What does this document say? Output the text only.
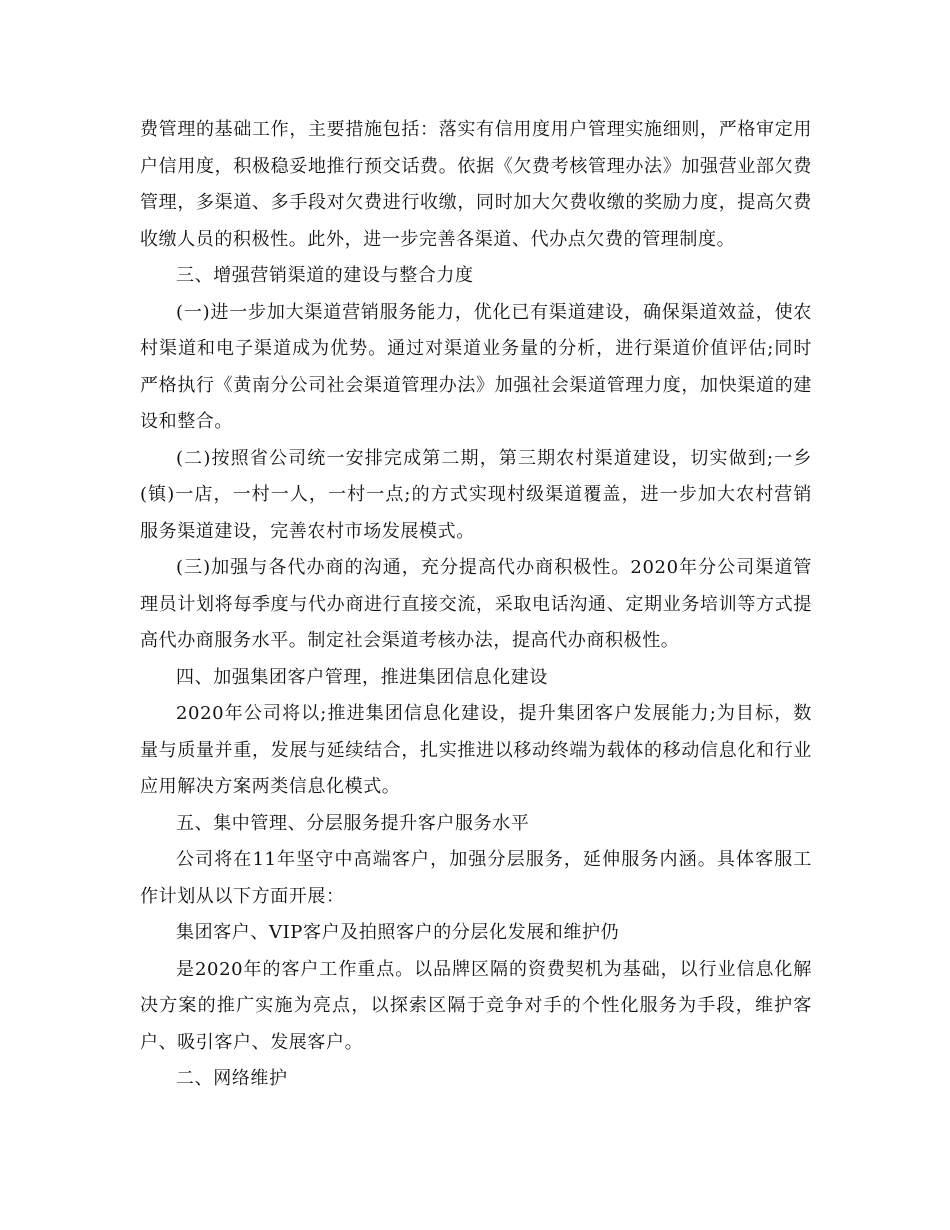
费管理的基础工作，主要措施包括：落实有信用度用户管理实施细则，严格审定用户信用度，积极稳妥地推行预交话费。依据《欠费考核管理办法》加强营业部欠费管理，多渠道、多手段对欠费进行收缴，同时加大欠费收缴的奖励力度，提高欠费收缴人员的积极性。此外，进一步完善各渠道、代办点欠费的管理制度。

三、增强营销渠道的建设与整合力度

(一)进一步加大渠道营销服务能力，优化已有渠道建设，确保渠道效益，使农村渠道和电子渠道成为优势。通过对渠道业务量的分析，进行渠道价值评估;同时严格执行《黄南分公司社会渠道管理办法》加强社会渠道管理力度，加快渠道的建设和整合。

(二)按照省公司统一安排完成第二期，第三期农村渠道建设，切实做到;一乡(镇)一店，一村一人，一村一点;的方式实现村级渠道覆盖，进一步加大农村营销服务渠道建设，完善农村市场发展模式。

(三)加强与各代办商的沟通，充分提高代办商积极性。2020年分公司渠道管理员计划将每季度与代办商进行直接交流，采取电话沟通、定期业务培训等方式提高代办商服务水平。制定社会渠道考核办法，提高代办商积极性。

四、加强集团客户管理，推进集团信息化建设

2020年公司将以;推进集团信息化建设，提升集团客户发展能力;为目标，数量与质量并重，发展与延续结合，扎实推进以移动终端为载体的移动信息化和行业应用解决方案两类信息化模式。

五、集中管理、分层服务提升客户服务水平

公司将在11年坚守中高端客户，加强分层服务，延伸服务内涵。具体客服工作计划从以下方面开展：

集团客户、VIP客户及拍照客户的分层化发展和维护仍

是2020年的客户工作重点。以品牌区隔的资费契机为基础，以行业信息化解决方案的推广实施为亮点，以探索区隔于竞争对手的个性化服务为手段，维护客户、吸引客户、发展客户。

二、网络维护
